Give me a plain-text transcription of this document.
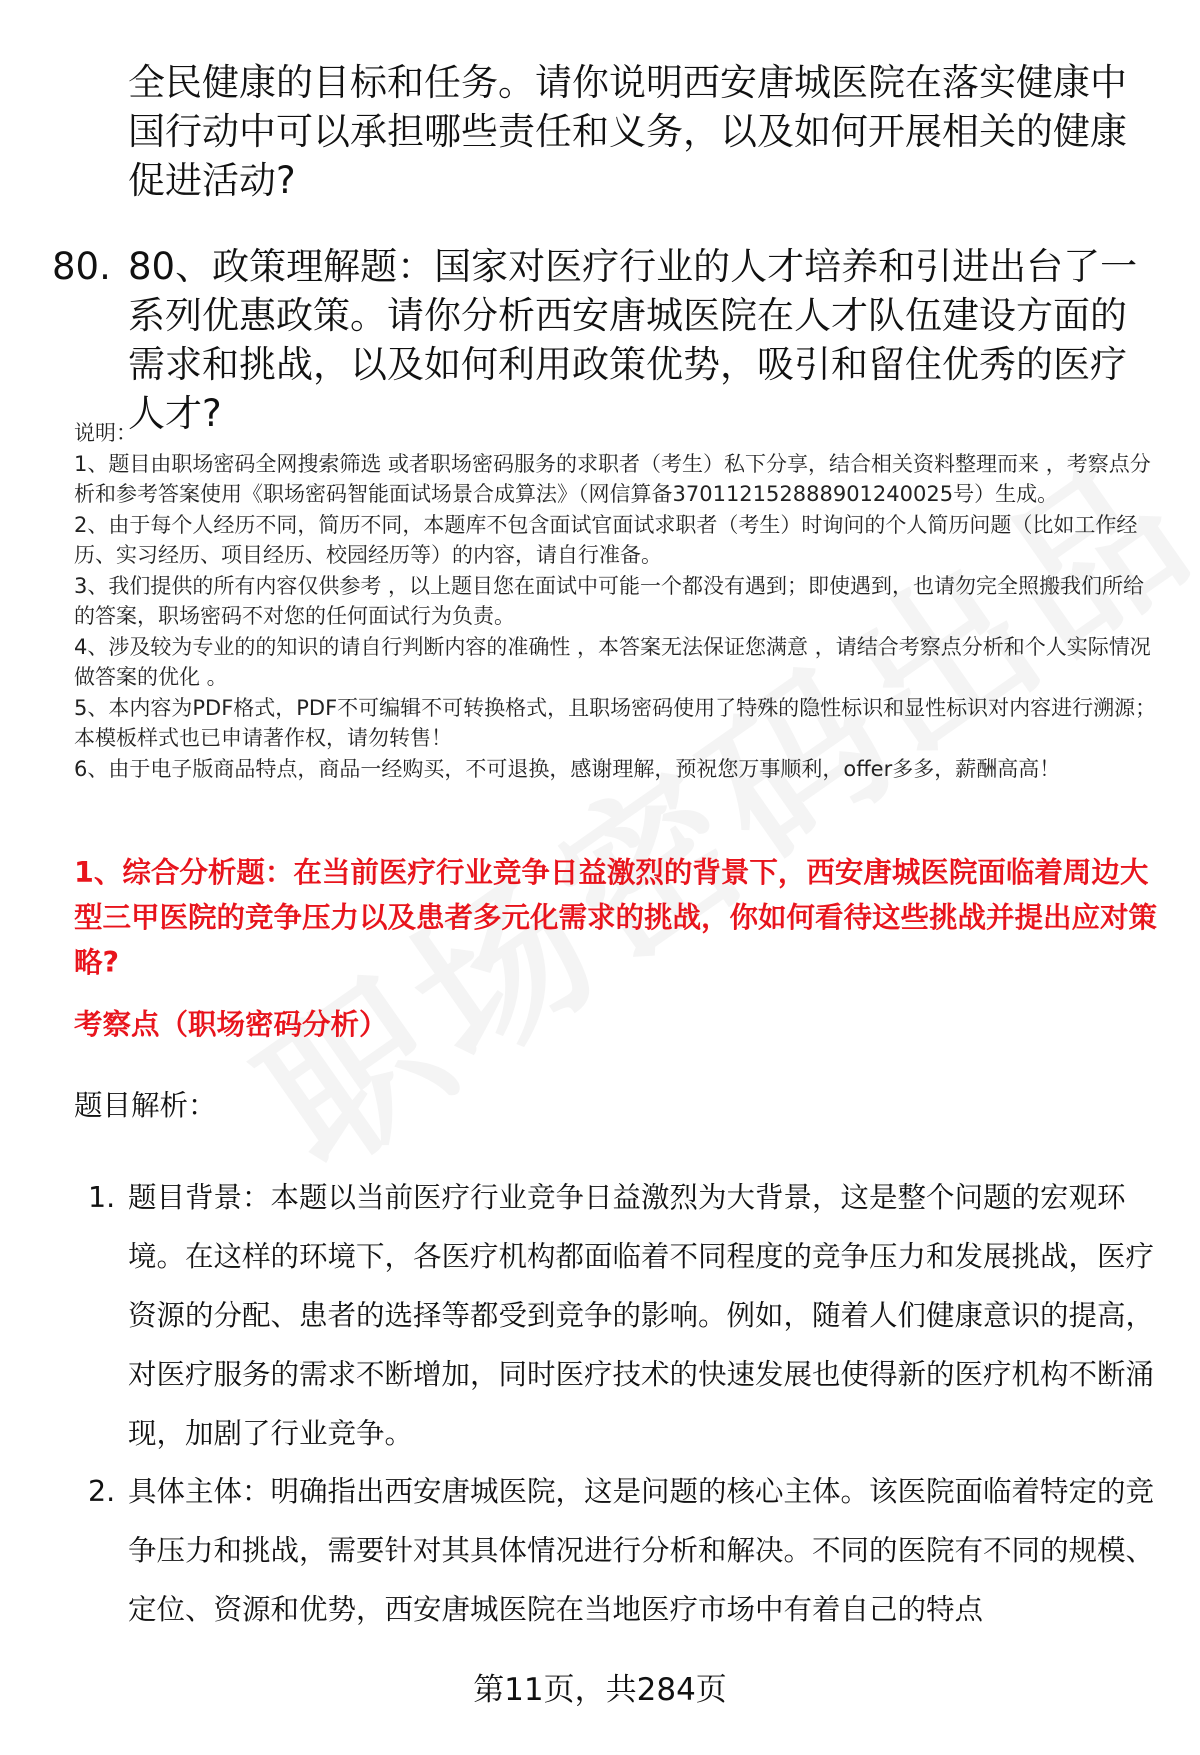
全民健康的目标和任务。请你说明西安唐城医院在落实健康中国行动中可以承担哪些责任和义务，以及如何开展相关的健康促进活动?

80. 80、政策理解题：国家对医疗行业的人才培养和引进出台了一系列优惠政策。请你分析西安唐城医院在人才队伍建设方面的需求和挑战，以及如何利用政策优势，吸引和留住优秀的医疗人才?

说明：

1、题目由职场密码全网搜索筛选 或者职场密码服务的求职者（考生）私下分享，结合相关资料整理而来 ，考察点分析和参考答案使用《职场密码智能面试场景合成算法》（网信算备370112152888901240025号）生成。

2、由于每个人经历不同，简历不同，本题库不包含面试官面试求职者（考生）时询问的个人简历问题（比如工作经历、实习经历、项目经历、校园经历等）的内容，请自行准备。

3、我们提供的所有内容仅供参考 ，以上题目您在面试中可能一个都没有遇到；即使遇到，也请勿完全照搬我们所给的答案，职场密码不对您的任何面试行为负责。

4、涉及较为专业的的知识的请自行判断内容的准确性 ，本答案无法保证您满意 ，请结合考察点分析和个人实际情况做答案的优化 。

5、本内容为PDF格式，PDF不可编辑不可转换格式，且职场密码使用了特殊的隐性标识和显性标识对内容进行溯源；本模板样式也已申请著作权，请勿转售！

6、由于电子版商品特点，商品一经购买，不可退换，感谢理解，预祝您万事顺利，offer多多，薪酬高高！

1、综合分析题：在当前医疗行业竞争日益激烈的背景下，西安唐城医院面临着周边大型三甲医院的竞争压力以及患者多元化需求的挑战，你如何看待这些挑战并提出应对策略?

考察点（职场密码分析）

题目解析：

1. 题目背景：本题以当前医疗行业竞争日益激烈为大背景，这是整个问题的宏观环境。在这样的环境下，各医疗机构都面临着不同程度的竞争压力和发展挑战，医疗资源的分配、患者的选择等都受到竞争的影响。例如，随着人们健康意识的提高，对医疗服务的需求不断增加，同时医疗技术的快速发展也使得新的医疗机构不断涌现，加剧了行业竞争。

2. 具体主体：明确指出西安唐城医院，这是问题的核心主体。该医院面临着特定的竞争压力和挑战，需要针对其具体情况进行分析和解决。不同的医院有不同的规模、定位、资源和优势，西安唐城医院在当地医疗市场中有着自己的特点

第11页，共284页
